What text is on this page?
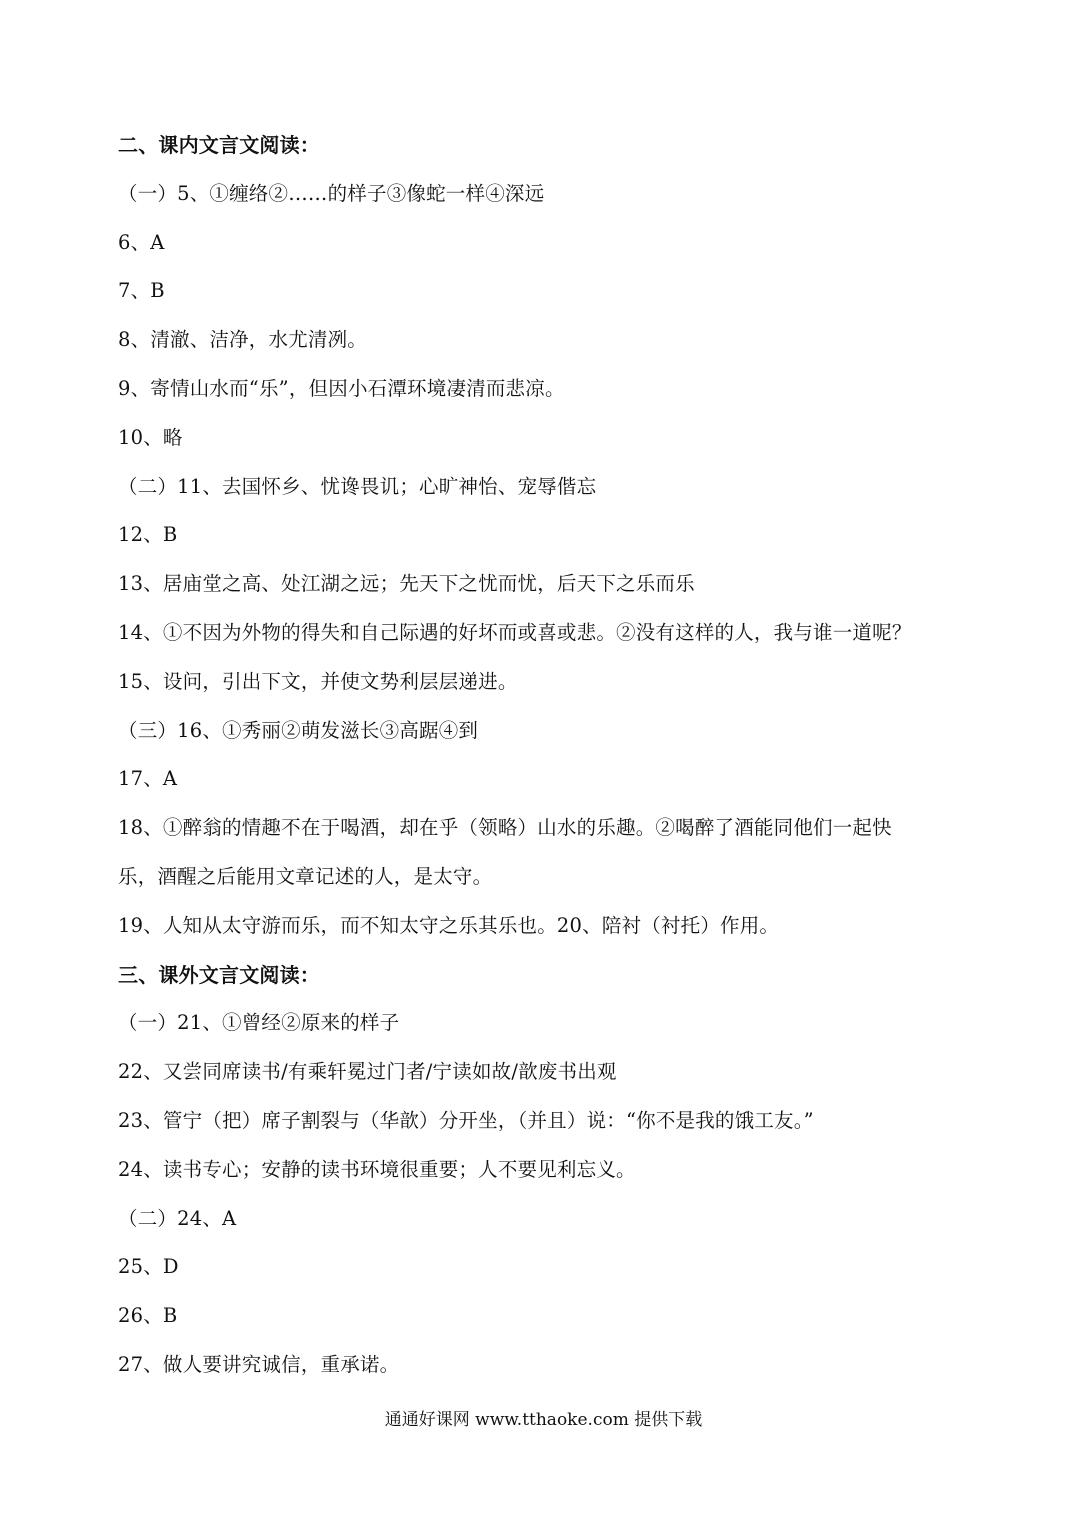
二、课内文言文阅读：
（一）5、①缠络②……的样子③像蛇一样④深远
6、A
7、B
8、清澈、洁净，水尤清冽。
9、寄情山水而“乐”，但因小石潭环境凄清而悲凉。
10、略
（二）11、去国怀乡、忧谗畏讥；心旷神怡、宠辱偕忘
12、B
13、居庙堂之高、处江湖之远；先天下之忧而忧，后天下之乐而乐
14、①不因为外物的得失和自己际遇的好坏而或喜或悲。②没有这样的人，我与谁一道呢？
15、设问，引出下文，并使文势利层层递进。
（三）16、①秀丽②萌发滋长③高踞④到
17、A
18、①醉翁的情趣不在于喝酒，却在乎（领略）山水的乐趣。②喝醉了酒能同他们一起快
乐，酒醒之后能用文章记述的人，是太守。
19、人知从太守游而乐，而不知太守之乐其乐也。20、陪衬（衬托）作用。
三、课外文言文阅读：
（一）21、①曾经②原来的样子
22、又尝同席读书/有乘轩冕过门者/宁读如故/歆废书出观
23、管宁（把）席子割裂与（华歆）分开坐，（并且）说：“你不是我的饿工友。”
24、读书专心；安静的读书环境很重要；人不要见利忘义。
（二）24、A
25、D
26、B
27、做人要讲究诚信，重承诺。
通通好课网 www.tthaoke.com 提供下载
